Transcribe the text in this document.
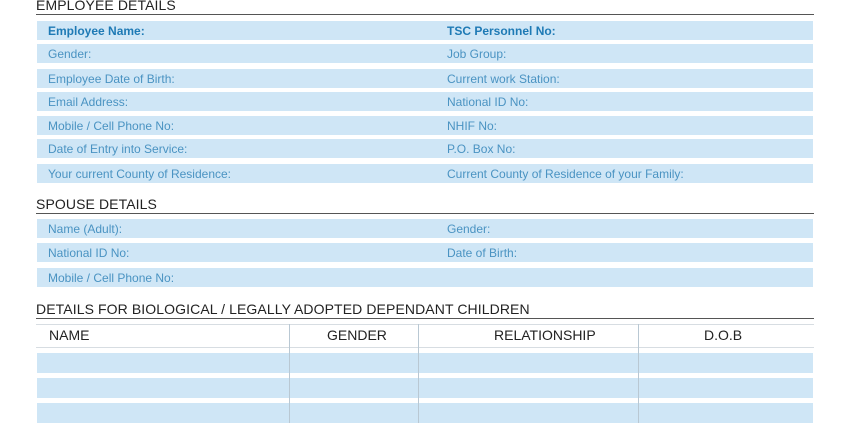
EMPLOYEE DETAILS
Employee Name:	TSC Personnel No:
Gender:	Job Group:
Employee Date of Birth:	Current work Station:
Email Address:	National ID No:
Mobile / Cell Phone No:	NHIF No:
Date of Entry into Service:	P.O. Box No:
Your current County of Residence:	Current County of Residence of your Family:
SPOUSE DETAILS
Name (Adult):	Gender:
National ID No:	Date of Birth:
Mobile / Cell Phone No:
DETAILS FOR BIOLOGICAL / LEGALLY ADOPTED DEPENDANT CHILDREN
NAME	GENDER	RELATIONSHIP	D.O.B
